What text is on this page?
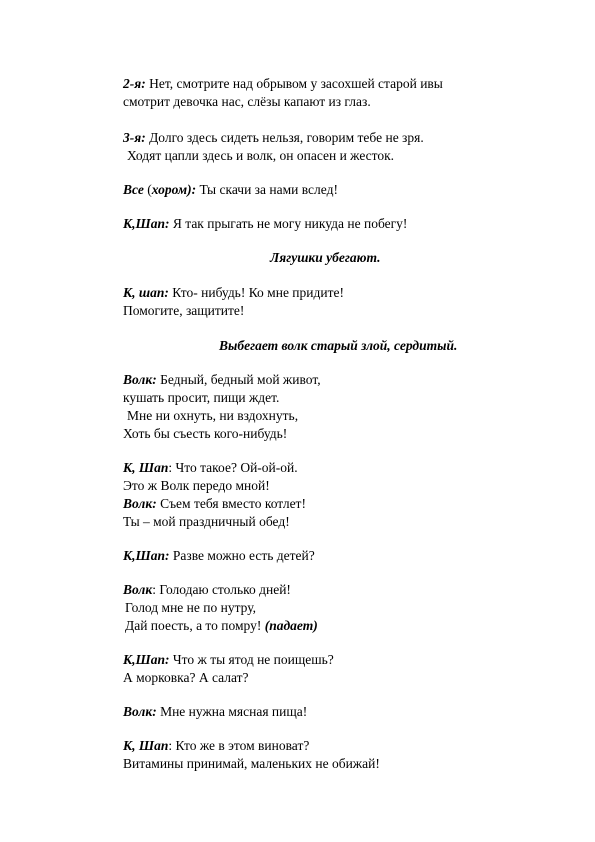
2-я: Нет, смотрите над обрывом у засохшей старой ивы
смотрит девочка нас, слёзы капают из глаз.
3-я: Долго здесь сидеть нельзя, говорим тебе не зря.
Ходят цапли здесь и волк, он опасен и жесток.
Все (хором): Ты скачи за нами вслед!
К,Шап: Я так прыгать не могу никуда не побегу!
Лягушки убегают.
К, шап: Кто- нибудь! Ко мне придите!
Помогите, защитите!
Выбегает волк старый злой, сердитый.
Волк: Бедный, бедный мой живот,
кушать просит, пищи ждет.
Мне ни охнуть, ни вздохнуть,
Хоть бы съесть кого-нибудь!
К, Шап: Что такое? Ой-ой-ой.
Это ж Волк передо мной!
Волк: Съем тебя вместо котлет!
Ты – мой праздничный обед!
К,Шап: Разве можно есть детей?
Волк: Голодаю столько дней!
Голод мне не по нутру,
Дай поесть, а то помру! (падает)
К,Шап: Что ж ты ятод не поищешь?
А морковка? А салат?
Волк: Мне нужна мясная пища!
К, Шап: Кто же в этом виноват?
Витамины принимай, маленьких не обижай!
